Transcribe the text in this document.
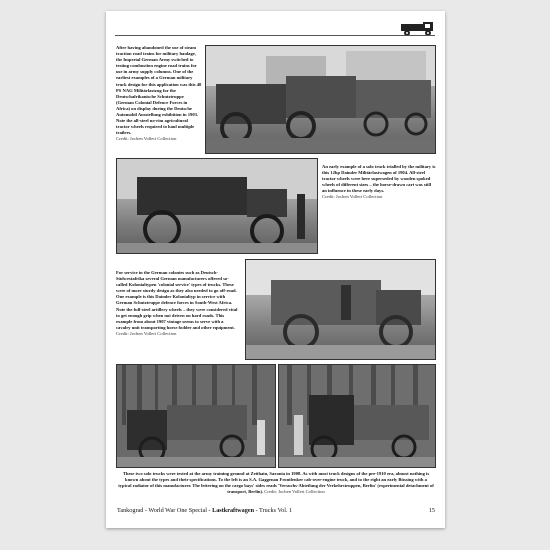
After having abandoned the use of steam traction road trains for military haulage, the Imperial German Army switched to testing combustion engine road trains for use in army supply columns. One of the earliest examples of a German military truck design for this application was this 40 PS NAG Militärlastzug for the Deutschafrikanische Schutztruppe (German Colonial Defence Forces in Africa) on display during the Deutsche Automobil Ausstellung exhibition in 1903. Note the all-steel no-rim agricultural tractor wheels required to haul multiple trailers.
Credit: Jochen Vollert Collection
An early example of a solo truck trialled by the military is this 12hp Daimler Militärlastwagen of 1904. All-steel tractor wheels were here superseded by wooden spoked wheels of different sizes – the horse-drawn cart was still an influence in these early days.
Credit: Jochen Vollert Collection
For service in the German colonies such as Deutsch-Südwestafrika several German manufacturers offered so-called Kolonialtypen 'colonial service' types of trucks. These were of more sturdy design as they also needed to go off-road. One example is this Daimler Kolonialtyp in service with German Schutztruppe defence forces in South-West Africa. Note the full-steel artillery wheels – they were considered vital to get enough grip when not driven on hard roads. This example from about 1907 vintage seems to serve with a cavalry unit transporting horse fodder and other equipment.
Credit: Jochen Vollert Collection
These two solo trucks were tested at the army training ground at Zeithain, Saxonia in 1908. As with most truck designs of the pre-1910 era, almost nothing is known about the types and their specifications. To the left is an S.A. Gaggenau Frontlenker cab-over-engine truck, and to the right an early Büssing with a typical radiator of this manufacturer. The lettering on the cargo bays' sides reads 'Versuchs-Abteilung der Verkehrstruppen, Berlin' (experimental detachment of transport, Berlin). Credit: Jochen Vollert Collection
Tankograd - World War One Special - Lastkraftwagen - Trucks Vol. 1	15
